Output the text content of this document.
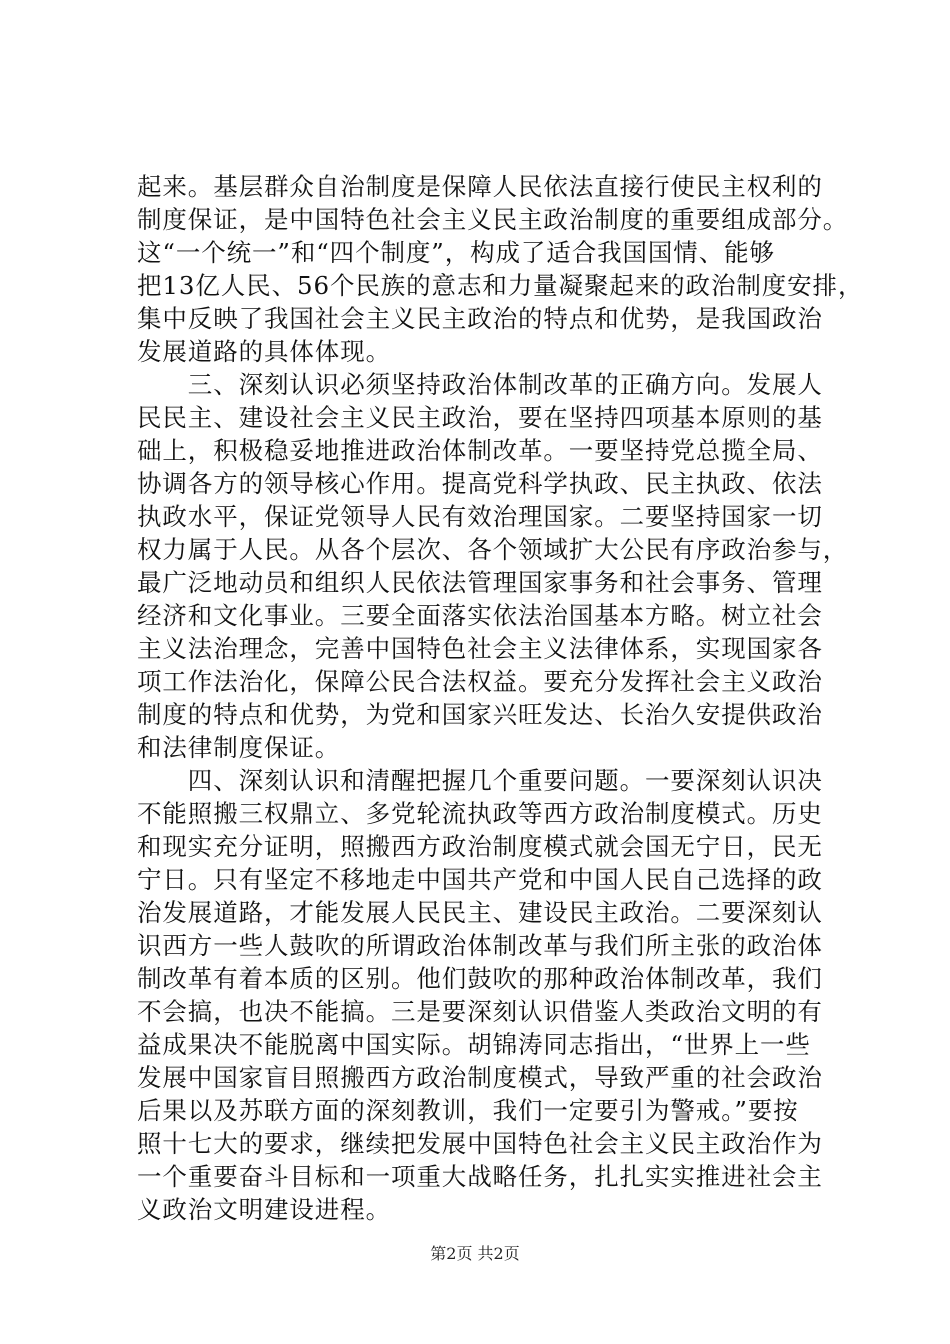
起来。基层群众自治制度是保障人民依法直接行使民主权利的
制度保证，是中国特色社会主义民主政治制度的重要组成部分。
这“一个统一”和“四个制度”，构成了适合我国国情、能够
把13亿人民、56个民族的意志和力量凝聚起来的政治制度安排，
集中反映了我国社会主义民主政治的特点和优势，是我国政治
发展道路的具体体现。
　　三、深刻认识必须坚持政治体制改革的正确方向。发展人
民民主、建设社会主义民主政治，要在坚持四项基本原则的基
础上，积极稳妥地推进政治体制改革。一要坚持党总揽全局、
协调各方的领导核心作用。提高党科学执政、民主执政、依法
执政水平，保证党领导人民有效治理国家。二要坚持国家一切
权力属于人民。从各个层次、各个领域扩大公民有序政治参与，
最广泛地动员和组织人民依法管理国家事务和社会事务、管理
经济和文化事业。三要全面落实依法治国基本方略。树立社会
主义法治理念，完善中国特色社会主义法律体系，实现国家各
项工作法治化，保障公民合法权益。要充分发挥社会主义政治
制度的特点和优势，为党和国家兴旺发达、长治久安提供政治
和法律制度保证。
　　四、深刻认识和清醒把握几个重要问题。一要深刻认识决
不能照搬三权鼎立、多党轮流执政等西方政治制度模式。历史
和现实充分证明，照搬西方政治制度模式就会国无宁日，民无
宁日。只有坚定不移地走中国共产党和中国人民自己选择的政
治发展道路，才能发展人民民主、建设民主政治。二要深刻认
识西方一些人鼓吹的所谓政治体制改革与我们所主张的政治体
制改革有着本质的区别。他们鼓吹的那种政治体制改革，我们
不会搞，也决不能搞。三是要深刻认识借鉴人类政治文明的有
益成果决不能脱离中国实际。胡锦涛同志指出，“世界上一些
发展中国家盲目照搬西方政治制度模式，导致严重的社会政治
后果以及苏联方面的深刻教训，我们一定要引为警戒。”要按
照十七大的要求，继续把发展中国特色社会主义民主政治作为
一个重要奋斗目标和一项重大战略任务，扎扎实实推进社会主
义政治文明建设进程。
第2页 共2页
